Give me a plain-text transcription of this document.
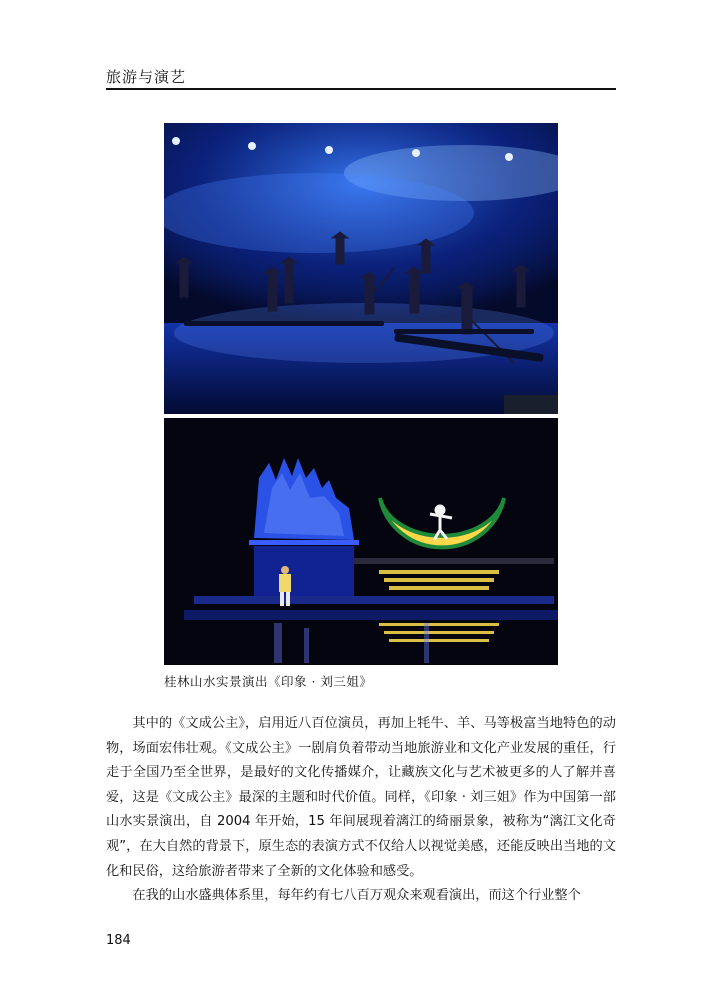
旅游与演艺
桂林山水实景演出《印象 · 刘三姐》

其中的《文成公主》，启用近八百位演员，再加上牦牛、羊、马等极富当地特色的动物，场面宏伟壮观。《文成公主》一剧肩负着带动当地旅游业和文化产业发展的重任，行走于全国乃至全世界，是最好的文化传播媒介，让藏族文化与艺术被更多的人了解并喜爱，这是《文成公主》最深的主题和时代价值。同样，《印象 · 刘三姐》作为中国第一部山水实景演出，自 2004 年开始，15 年间展现着漓江的绮丽景象，被称为“漓江文化奇观”，在大自然的背景下，原生态的表演方式不仅给人以视觉美感，还能反映出当地的文化和民俗，这给旅游者带来了全新的文化体验和感受。

在我的山水盛典体系里，每年约有七八百万观众来观看演出，而这个行业整个

184
